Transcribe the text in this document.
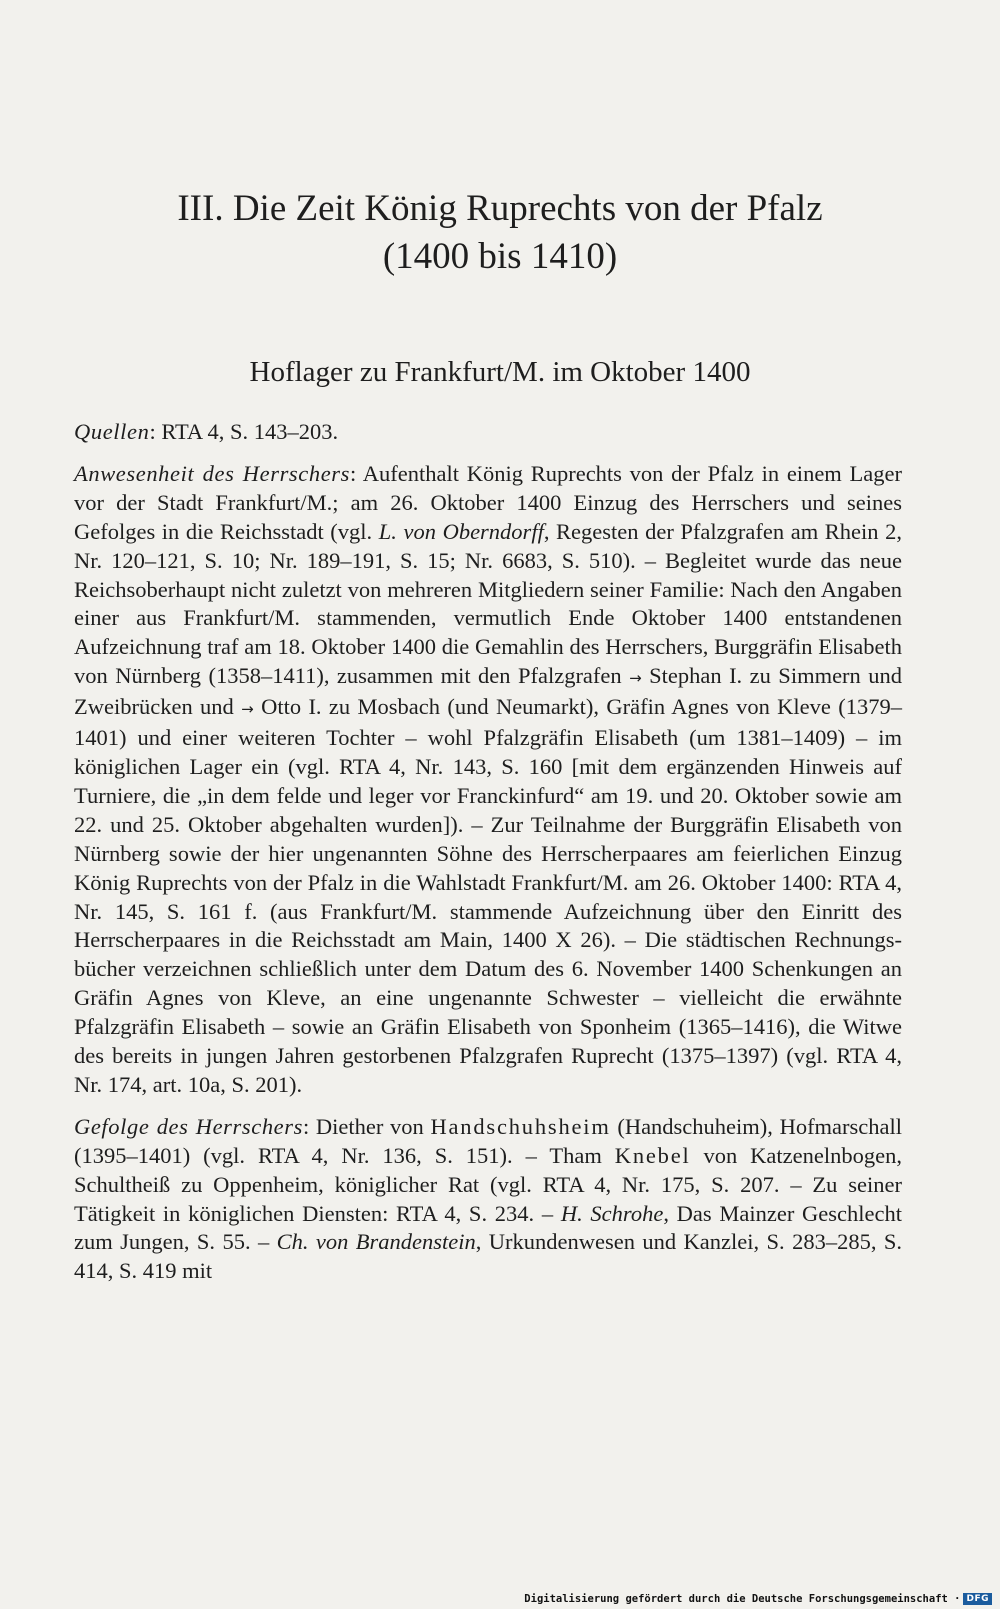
III. Die Zeit König Ruprechts von der Pfalz
(1400 bis 1410)
Hoflager zu Frankfurt/M. im Oktober 1400

Quellen: RTA 4, S. 143–203.

Anwesenheit des Herrschers: Aufenthalt König Ruprechts von der Pfalz in einem Lager vor der Stadt Frankfurt/M.; am 26. Oktober 1400 Einzug des Herrschers und seines Gefolges in die Reichsstadt (vgl. L. von Oberndorff, Regesten der Pfalzgrafen am Rhein 2, Nr. 120–121, S. 10; Nr. 189–191, S. 15; Nr. 6683, S. 510). – Begleitet wurde das neue Reichsoberhaupt nicht zuletzt von mehreren Mitgliedern seiner Familie: Nach den Angaben einer aus Frankfurt/M. stammenden, vermutlich Ende Oktober 1400 entstandenen Aufzeichnung traf am 18. Oktober 1400 die Gemahlin des Herrschers, Burggräfin Elisabeth von Nürnberg (1358–1411), zusammen mit den Pfalzgrafen → Stephan I. zu Simmern und Zweibrücken und → Otto I. zu Mosbach (und Neumarkt), Gräfin Agnes von Kleve (1379–1401) und einer weiteren Tochter – wohl Pfalzgräfin Elisabeth (um 1381–1409) – im königlichen Lager ein (vgl. RTA 4, Nr. 143, S. 160 [mit dem ergänzenden Hinweis auf Turniere, die „in dem felde und leger vor Franckinfurd“ am 19. und 20. Oktober sowie am 22. und 25. Oktober abgehalten wurden]). – Zur Teilnahme der Burggräfin Elisabeth von Nürnberg sowie der hier ungenannten Söhne des Herrscherpaares am feierlichen Einzug König Ruprechts von der Pfalz in die Wahlstadt Frankfurt/M. am 26. Oktober 1400: RTA 4, Nr. 145, S. 161 f. (aus Frankfurt/M. stammende Aufzeichnung über den Einritt des Herrscherpaares in die Reichsstadt am Main, 1400 X 26). – Die städtischen Rechnungsbücher verzeichnen schließlich unter dem Datum des 6. November 1400 Schenkungen an Gräfin Agnes von Kleve, an eine ungenannte Schwester – vielleicht die erwähnte Pfalzgräfin Elisabeth – sowie an Gräfin Elisabeth von Sponheim (1365–1416), die Witwe des bereits in jungen Jahren gestorbenen Pfalzgrafen Ruprecht (1375–1397) (vgl. RTA 4, Nr. 174, art. 10a, S. 201).

Gefolge des Herrschers: Diether von Handschuhsheim (Handschuheim), Hofmarschall (1395–1401) (vgl. RTA 4, Nr. 136, S. 151). – Tham Knebel von Katzenelnbogen, Schultheiß zu Oppenheim, königlicher Rat (vgl. RTA 4, Nr. 175, S. 207. – Zu seiner Tätigkeit in königlichen Diensten: RTA 4, S. 234. – H. Schrohe, Das Mainzer Geschlecht zum Jungen, S. 55. – Ch. von Brandenstein, Urkundenwesen und Kanzlei, S. 283–285, S. 414, S. 419 mit

Digitalisierung gefördert durch die Deutsche Forschungsgemeinschaft · DFG
